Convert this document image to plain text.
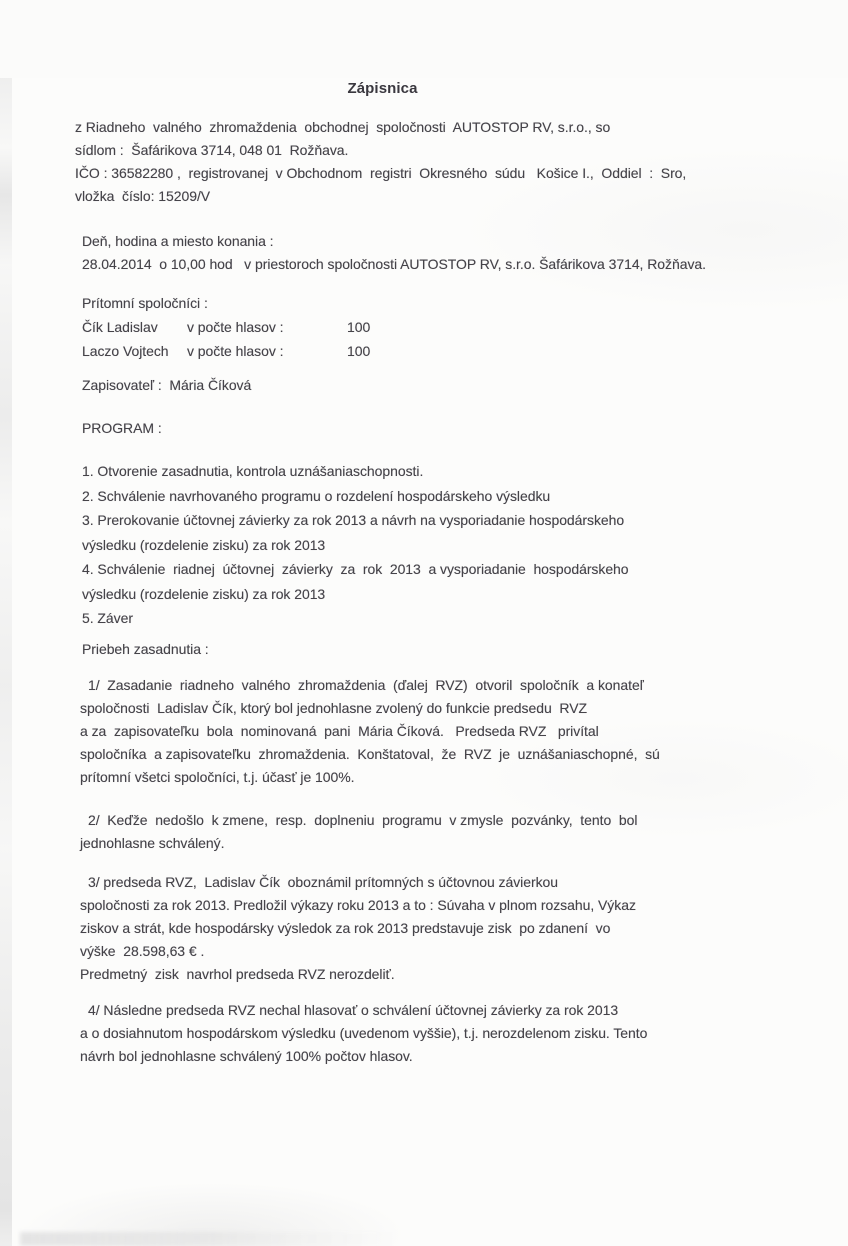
Zápisnica
z Riadneho  valného  zhromaždenia  obchodnej  spoločnosti  AUTOSTOP RV, s.r.o., so
sídlom :  Šafárikova 3714, 048 01  Rožňava.
IČO : 36582280 ,  registrovanej  v Obchodnom  registri  Okresného  súdu   Košice I.,  Oddiel  :  Sro,
vložka  číslo: 15209/V
Deň, hodina a miesto konania :
28.04.2014  o 10,00 hod   v priestoroch spoločnosti AUTOSTOP RV, s.r.o. Šafárikova 3714, Rožňava.
Prítomní spoločníci :
Čík Ladislav	v počte hlasov :	100
Laczo Vojtech	v počte hlasov :	100
Zapisovateľ :  Mária Číková
PROGRAM :
1. Otvorenie zasadnutia, kontrola uznášaniaschopnosti.
2. Schválenie navrhovaného programu o rozdelení hospodárskeho výsledku
3. Prerokovanie účtovnej závierky za rok 2013 a návrh na vysporiadanie hospodárskeho
výsledku (rozdelenie zisku) za rok 2013
4. Schválenie  riadnej  účtovnej  závierky  za  rok  2013  a vysporiadanie  hospodárskeho
výsledku (rozdelenie zisku) za rok 2013
5. Záver
Priebeh zasadnutia :
1/  Zasadanie  riadneho  valného  zhromaždenia  (ďalej  RVZ)  otvoril  spoločník  a konateľ
spoločnosti  Ladislav Čík, ktorý bol jednohlasne zvolený do funkcie predsedu  RVZ
a za  zapisovateľku  bola  nominovaná  pani  Mária Číková.   Predseda RVZ   privítal
spoločníka  a zapisovateľku  zhromaždenia.  Konštatoval,  že  RVZ  je  uznášaniaschopné,  sú
prítomní všetci spoločníci, t.j. účasť je 100%.
2/  Keďže  nedošlo  k zmene,  resp.  doplneniu  programu  v zmysle  pozvánky,  tento  bol
jednohlasne schválený.
3/ predseda RVZ,  Ladislav Čík  oboznámil prítomných s účtovnou závierkou
spoločnosti za rok 2013. Predložil výkazy roku 2013 a to : Súvaha v plnom rozsahu, Výkaz
ziskov a strát, kde hospodársky výsledok za rok 2013 predstavuje zisk  po zdanení  vo
výške  28.598,63 € .
Predmetný  zisk  navrhol predseda RVZ nerozdeliť.
4/ Následne predseda RVZ nechal hlasovať o schválení účtovnej závierky za rok 2013
a o dosiahnutom hospodárskom výsledku (uvedenom vyššie), t.j. nerozdelenom zisku. Tento
návrh bol jednohlasne schválený 100% počtov hlasov.
